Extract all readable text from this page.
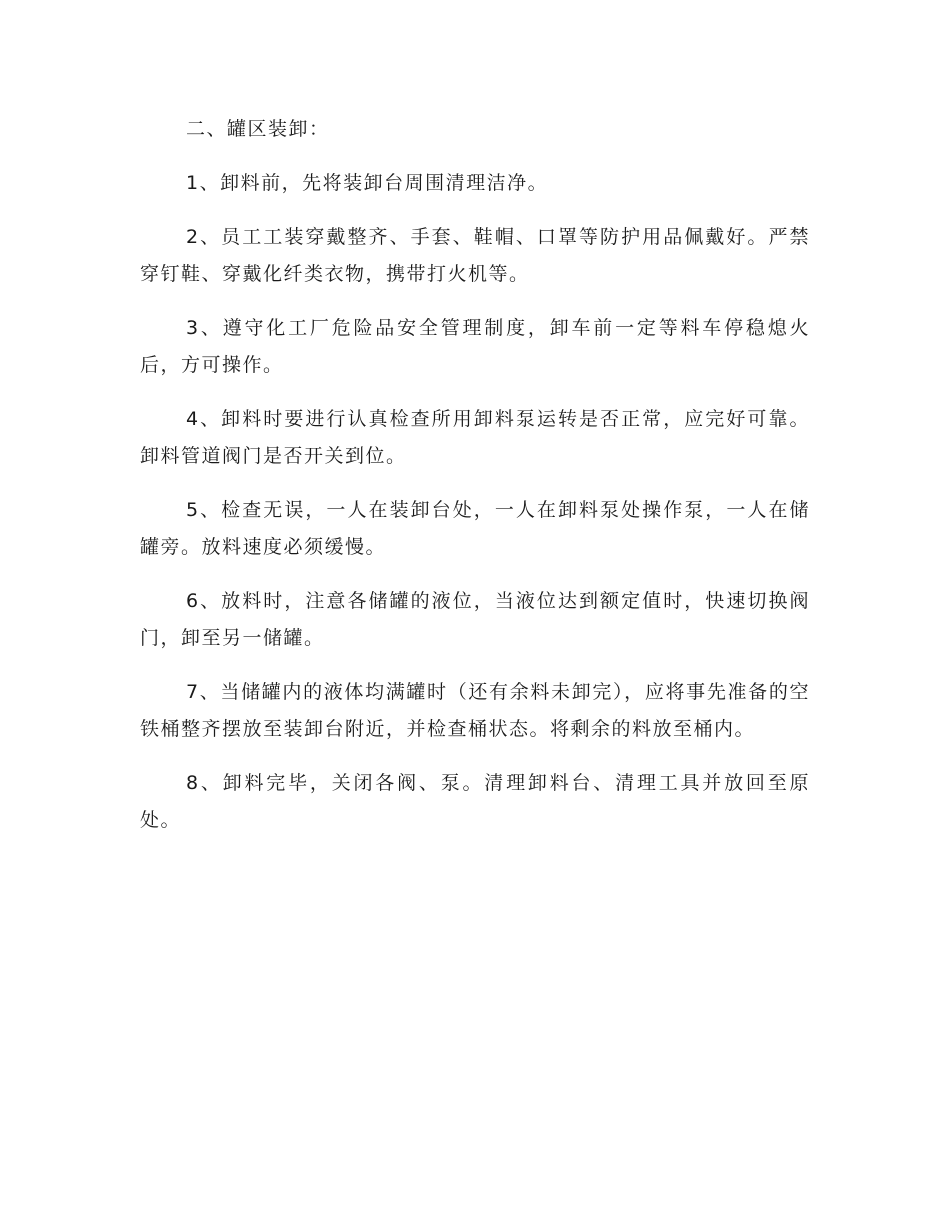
二、罐区装卸：

1、卸料前，先将装卸台周围清理洁净。

2、员工工装穿戴整齐、手套、鞋帽、口罩等防护用品佩戴好。严禁穿钉鞋、穿戴化纤类衣物，携带打火机等。

3、遵守化工厂危险品安全管理制度，卸车前一定等料车停稳熄火后，方可操作。

4、卸料时要进行认真检查所用卸料泵运转是否正常，应完好可靠。卸料管道阀门是否开关到位。

5、检查无误，一人在装卸台处，一人在卸料泵处操作泵，一人在储罐旁。放料速度必须缓慢。

6、放料时，注意各储罐的液位，当液位达到额定值时，快速切换阀门，卸至另一储罐。

7、当储罐内的液体均满罐时（还有余料未卸完），应将事先准备的空铁桶整齐摆放至装卸台附近，并检查桶状态。将剩余的料放至桶内。

8、卸料完毕，关闭各阀、泵。清理卸料台、清理工具并放回至原处。
